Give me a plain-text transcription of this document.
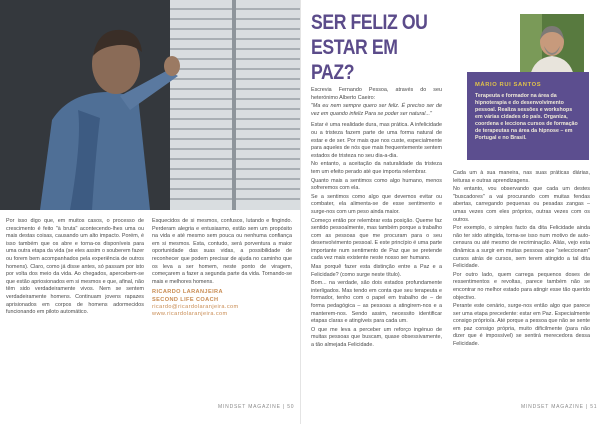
SER FELIZ OU
ESTAR EM PAZ?
MÁRIO RUI SANTOS
Terapeuta e formador na área da hipnoterapia e do desenvolvimento pessoal. Realiza sessões e workshops em várias cidades do país. Organiza, coordena e lecciona cursos de formação de terapeutas na área da hipnose – em Portugal e no Brasil.

Por isso digo que, em muitos casos, o processo de crescimento é feito "à bruta" acontecendo-lhes uma ou mais destas coisas, causando um alto impacto. Porém, é isso também que os abre e torna-os disponíveis para uma outra etapa da vida (se eles assim o souberem fazer ou forem bem acompanhados pela experiência de outros homens). Claro, como já disse antes, só passam por isto por volta dos meio da vida. Ao chegados, apercebem-se que estão apriosionados em si mesmos e que, afinal, não têm sido verdadeiramente vivos. Nem se sentem verdadeiramente homens. Continuam jovens rapazes aprisionados em corpos de homens adormecidos funcionando em piloto automático.

Esquecidos de si mesmos, confusos, lutando e fingindo. Perderam alegria e entusiasmo, estão sem um propósito na vida e até mesmo sem pouca ou nenhuma confiança em si mesmos. Esta, contudo, será porventura a maior oportunidade das suas vidas, a possibilidade de reconhecer que podem precisar de ajuda no caminho que os leva a ser homem, neste ponto de viragem, começarem a fazer a segunda parte da vida. Tornando-se mais e melhores homens.

RICARDO LARANJEIRA
SECOND LIFE COACH
ricardo@ricardolaranjeira.com
www.ricardolaranjeira.com

Escrevia Fernando Pessoa, através do seu heterónimo Alberto Caeiro:

"Ma eu nem sempre quero ser feliz. É preciso ser de vez em quando infeliz Para se poder ser natural..."

Estar é uma realidade dura, mas prática. A infelicidade ou a tristeza fazem parte de uma forma natural de estar e de ser. Por mais que nos custe, especialmente para aqueles de nós que mais frequentemente sentem estados de tristeza no seu dia-a-dia.

No entanto, a aceitação da naturalidade da tristeza tem um efeito perado até que importa relembrar.

Quanto mais a sentimos como algo humano, menos sofreremos com ela.

Se a sentimos como algo que devemos evitar ou combater, ela alimenta-se de esse sentimento e surge-nos com um peso ainda maior.

Começo então por relembrar esta posição. Queme faz sentido pessoalmente, mas também porque a trabalho com as pessoas que me procuram para o seu desenvolvimento pessoal. E este princípio é uma parte importante num sentimento de Paz que se pretende cada vez mais existente neste nosso ser humano.

Mas porquê fazer esta distinção entre a Paz e a Felicidade? (como surge neste título).

Bom... na verdade, são dois estados profundamente interligados. Mas tendo em conta que seu terapeuta e formador, tenho com o papel em trabalho de – de forma pedagógica – as pessoas a atingirem-nos e a manterem-nos. Sendo assim, necessito identificar etapas claras e atingíveis para cada um.

O que me leva a perceber um reforço ingénuo de muitas pessoas que buscam, quase obsessivamente, a tão almejada Felicidade.

Cada um à sua maneira, nas suas práticas diárias, leituras e outras aprendizagens.

No entanto, vou observando que cada um destes "buscadores" a vai procurando com muitas fendas abertas, carregando pequenas ou pesadas zangas – umas vezes com eles próprios, outras vezes com os outros.

Por exemplo, o simples facto da dita Felicidade ainda não ter sido atingida, torna-se isso num motivo de auto-censura ou até mesmo de recriminação. Aliás, vejo esta dinâmica a surgir em muitas pessoas que "seleccionam" cursos atrás de cursos, sem terem atingido a tal dita Felicidade.

Por outro lado, quem carrega pequenos doses de ressentimentos e revoltas, parece também não se encontrar no melhor estado para atingir esse tão querido objectivo.

Perante este cenário, surge-nos então algo que parece ser uma etapa precedente: estar em Paz. Especialmente consigo próprio/a. Até porque a pessoa que não se sente em paz consigo própria, muito dificilmente (para não dizer que é impossível) se sentirá merecedora dessa Felicidade.

MINDSET MAGAZINE | 50	MINDSET MAGAZINE | 51
